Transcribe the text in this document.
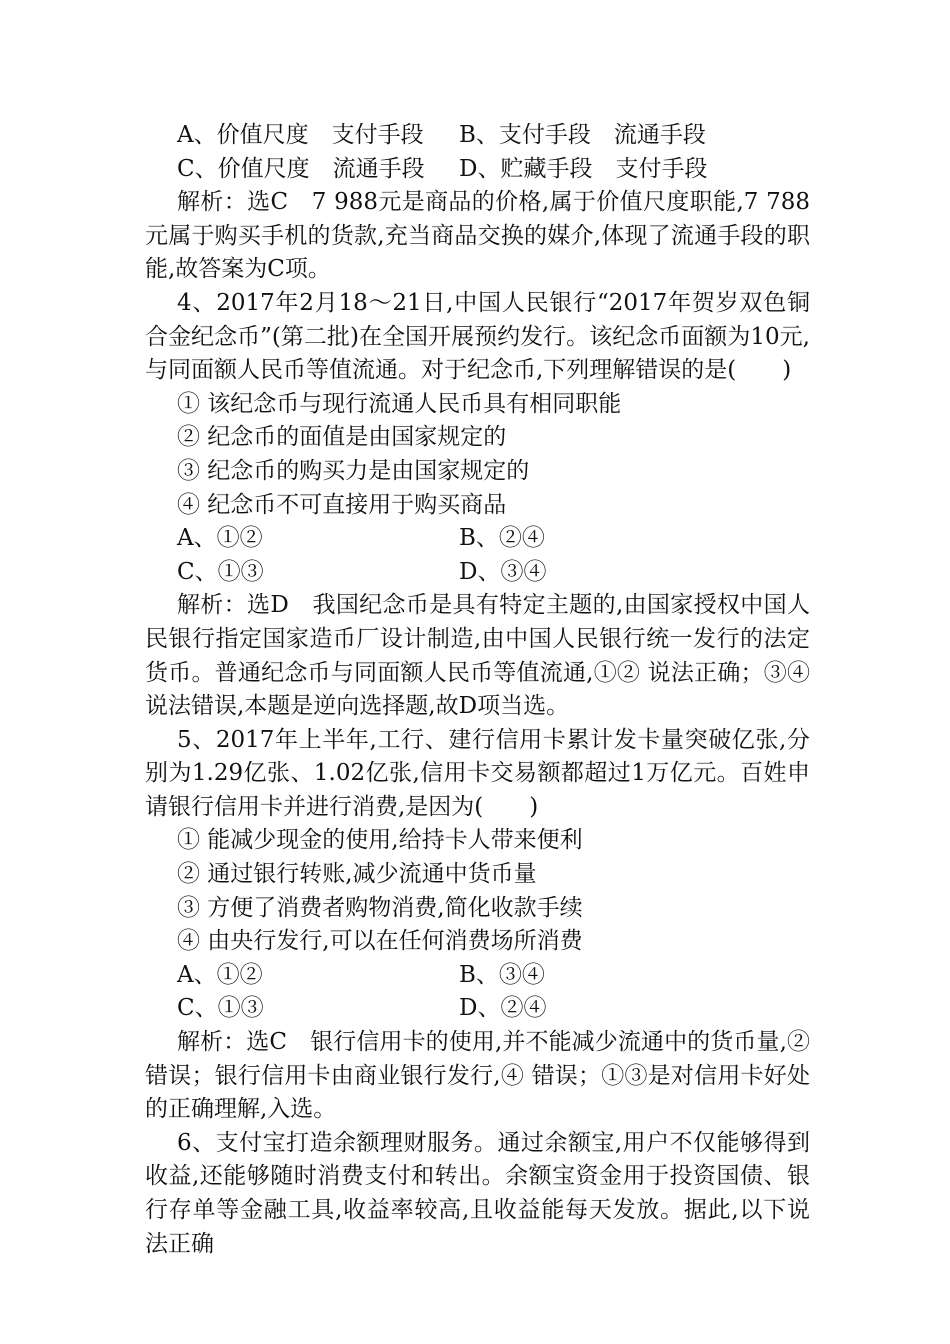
A、价值尺度　支付手段	B、支付手段　流通手段
C、价值尺度　流通手段	D、贮藏手段　支付手段
解析：选C　7 988元是商品的价格,属于价值尺度职能,7 788元属于购买手机的货款,充当商品交换的媒介,体现了流通手段的职能,故答案为C项。
4、2017年2月18～21日,中国人民银行“2017年贺岁双色铜合金纪念币”(第二批)在全国开展预约发行。该纪念币面额为10元,与同面额人民币等值流通。对于纪念币,下列理解错误的是(　　)
① 该纪念币与现行流通人民币具有相同职能
② 纪念币的面值是由国家规定的
③ 纪念币的购买力是由国家规定的
④ 纪念币不可直接用于购买商品
A、①②	B、②④
C、①③	D、③④
解析：选D　我国纪念币是具有特定主题的,由国家授权中国人民银行指定国家造币厂设计制造,由中国人民银行统一发行的法定货币。普通纪念币与同面额人民币等值流通,①② 说法正确；③④说法错误,本题是逆向选择题,故D项当选。
5、2017年上半年,工行、建行信用卡累计发卡量突破亿张,分别为1.29亿张、1.02亿张,信用卡交易额都超过1万亿元。百姓申请银行信用卡并进行消费,是因为(　　)
① 能减少现金的使用,给持卡人带来便利
② 通过银行转账,减少流通中货币量
③ 方便了消费者购物消费,简化收款手续
④ 由央行发行,可以在任何消费场所消费
A、①②	B、③④
C、①③	D、②④
解析：选C　银行信用卡的使用,并不能减少流通中的货币量,②错误；银行信用卡由商业银行发行,④ 错误；①③是对信用卡好处的正确理解,入选。
6、支付宝打造余额理财服务。通过余额宝,用户不仅能够得到收益,还能够随时消费支付和转出。余额宝资金用于投资国债、银行存单等金融工具,收益率较高,且收益能每天发放。据此,以下说法正确
